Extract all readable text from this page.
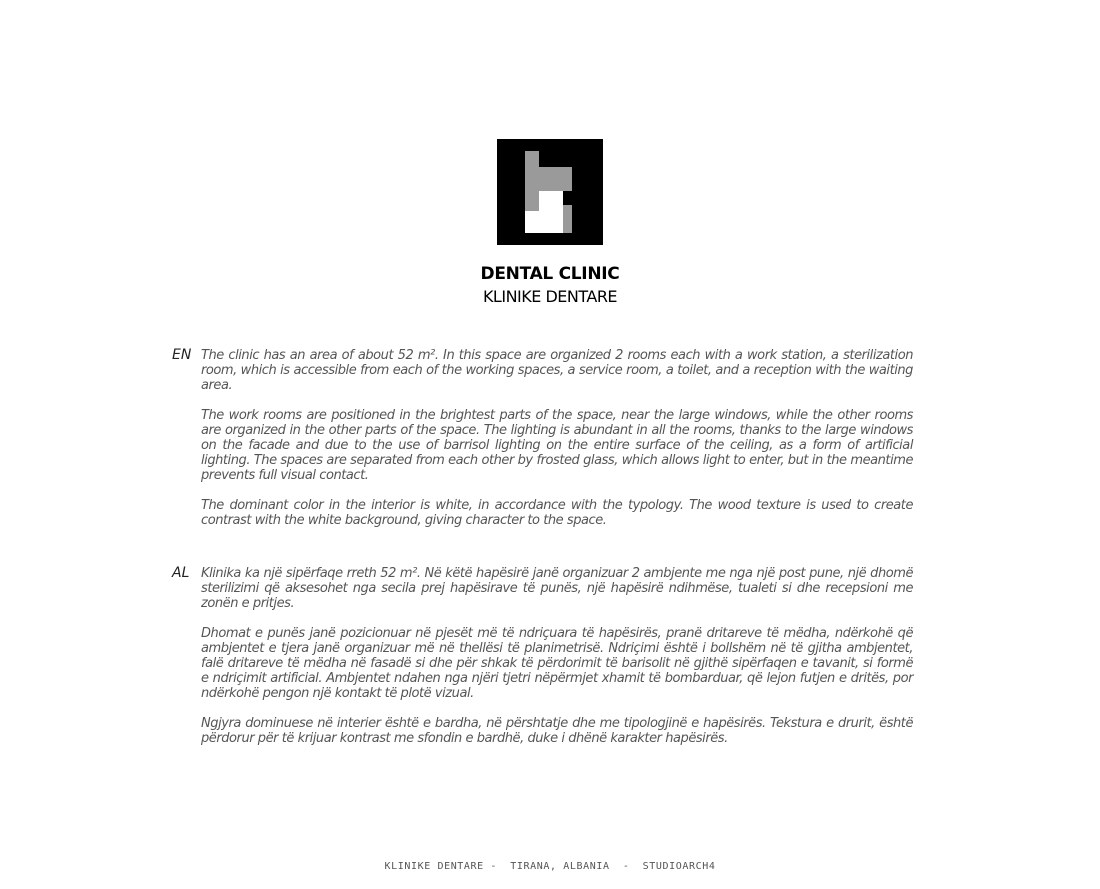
DENTAL CLINIC
KLINIKE DENTARE
EN The clinic has an area of about 52 m². In this space are organized 2 rooms each with a work station, a sterilization room, which is accessible from each of the working spaces, a service room, a toilet, and a reception with the waiting area.

The work rooms are positioned in the brightest parts of the space, near the large windows, while the other rooms are organized in the other parts of the space. The lighting is abundant in all the rooms, thanks to the large windows on the facade and due to the use of barrisol lighting on the entire surface of the ceiling, as a form of artificial lighting. The spaces are separated from each other by frosted glass, which allows light to enter, but in the meantime prevents full visual contact.

The dominant color in the interior is white, in accordance with the typology. The wood texture is used to create contrast with the white background, giving character to the space.

AL Klinika ka një sipërfaqe rreth 52 m². Në këtë hapësirë janë organizuar 2 ambjente me nga një post pune, një dhomë sterilizimi që aksesohet nga secila prej hapësirave të punës, një hapësirë ndihmëse, tualeti si dhe recepsioni me zonën e pritjes.

Dhomat e punës janë pozicionuar në pjesët më të ndriçuara të hapësirës, pranë dritareve të mëdha, ndërkohë që ambjentet e tjera janë organizuar më në thellësi të planimetrisë. Ndriçimi është i bollshëm në të gjitha ambjentet, falë dritareve të mëdha në fasadë si dhe për shkak të përdorimit të barisolit në gjithë sipërfaqen e tavanit, si formë e ndriçimit artificial. Ambjentet ndahen nga njëri tjetri nëpërmjet xhamit të bombarduar, që lejon futjen e dritës, por ndërkohë pengon një kontakt të plotë vizual.

Ngjyra dominuese në interier është e bardha, në përshtatje dhe me tipologjinë e hapësirës. Tekstura e drurit, është përdorur për të krijuar kontrast me sfondin e bardhë, duke i dhënë karakter hapësirës.

KLINIKE DENTARE -  TIRANA, ALBANIA  -  STUDIOARCH4
